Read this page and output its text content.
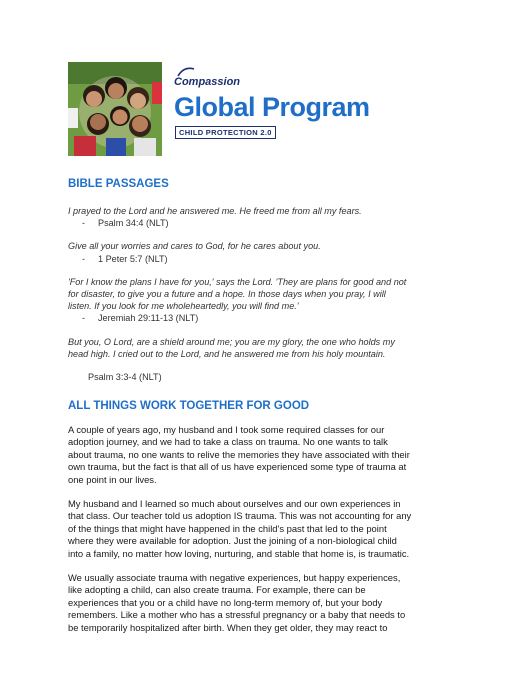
Compassion
Global Program
CHILD PROTECTION 2.0
BIBLE PASSAGES

I prayed to the Lord and he answered me. He freed me from all my fears.

- Psalm 34:4 (NLT)

Give all your worries and cares to God, for he cares about you.

- 1 Peter 5:7 (NLT)

'For I know the plans I have for you,' says the Lord. 'They are plans for good and not

for disaster, to give you a future and a hope. In those days when you pray, I will

listen. If you look for me wholeheartedly, you will find me.'

- Jeremiah 29:11-13 (NLT)

But you, O Lord, are a shield around me; you are my glory, the one who holds my

head high. I cried out to the Lord, and he answered me from his holy mountain.

Psalm 3:3-4 (NLT)

ALL THINGS WORK TOGETHER FOR GOOD

A couple of years ago, my husband and I took some required classes for our
adoption journey, and we had to take a class on trauma. No one wants to talk
about trauma, no one wants to relive the memories they have associated with their
own trauma, but the fact is that all of us have experienced some type of trauma at
one point in our lives.

My husband and I learned so much about ourselves and our own experiences in
that class. Our teacher told us adoption IS trauma. This was not accounting for any
of the things that might have happened in the child's past that led to the point
where they were available for adoption. Just the joining of a non-biological child
into a family, no matter how loving, nurturing, and stable that home is, is traumatic.

We usually associate trauma with negative experiences, but happy experiences,
like adopting a child, can also create trauma. For example, there can be
experiences that you or a child have no long-term memory of, but your body
remembers. Like a mother who has a stressful pregnancy or a baby that needs to
be temporarily hospitalized after birth. When they get older, they may react to
